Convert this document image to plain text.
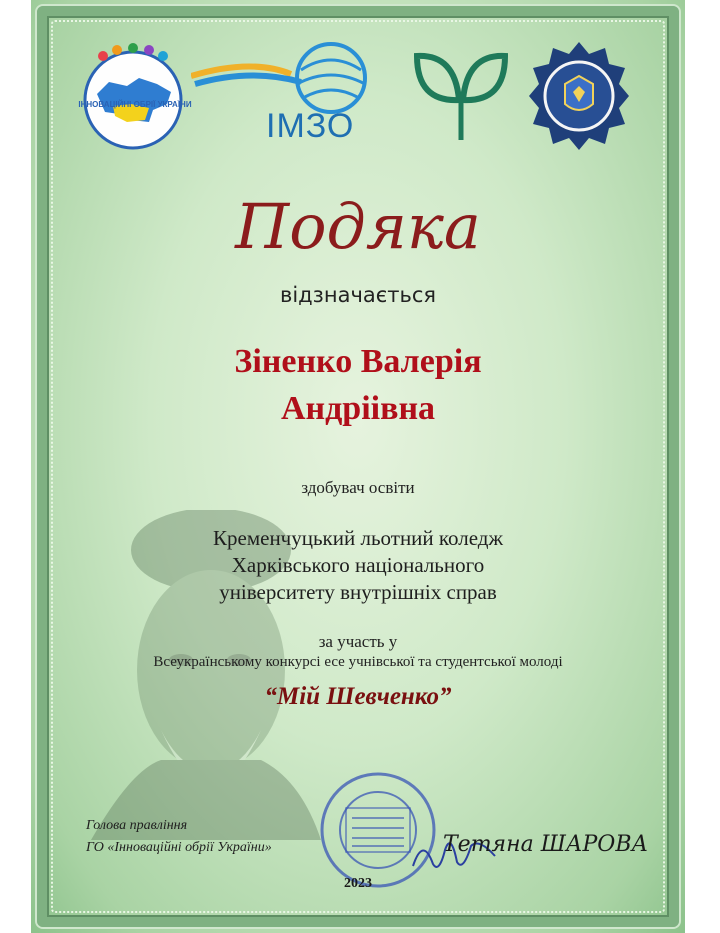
ІМЗО
ІННОВАЦІЙНІ ОБРІЇ УКРАЇНИ
Подяка
відзначається
Зіненко Валерія
Андріівна
здобувач освіти
Кременчуцький льотний коледж
Харківського національного
університету внутрішніх справ
за участь у
Всеукраїнському конкурсі есе учнівської та студентської молоді
“Мій Шевченко”
Голова правління
ГО «Інноваційні обрії України»	Тетяна ШАРОВА
2023
